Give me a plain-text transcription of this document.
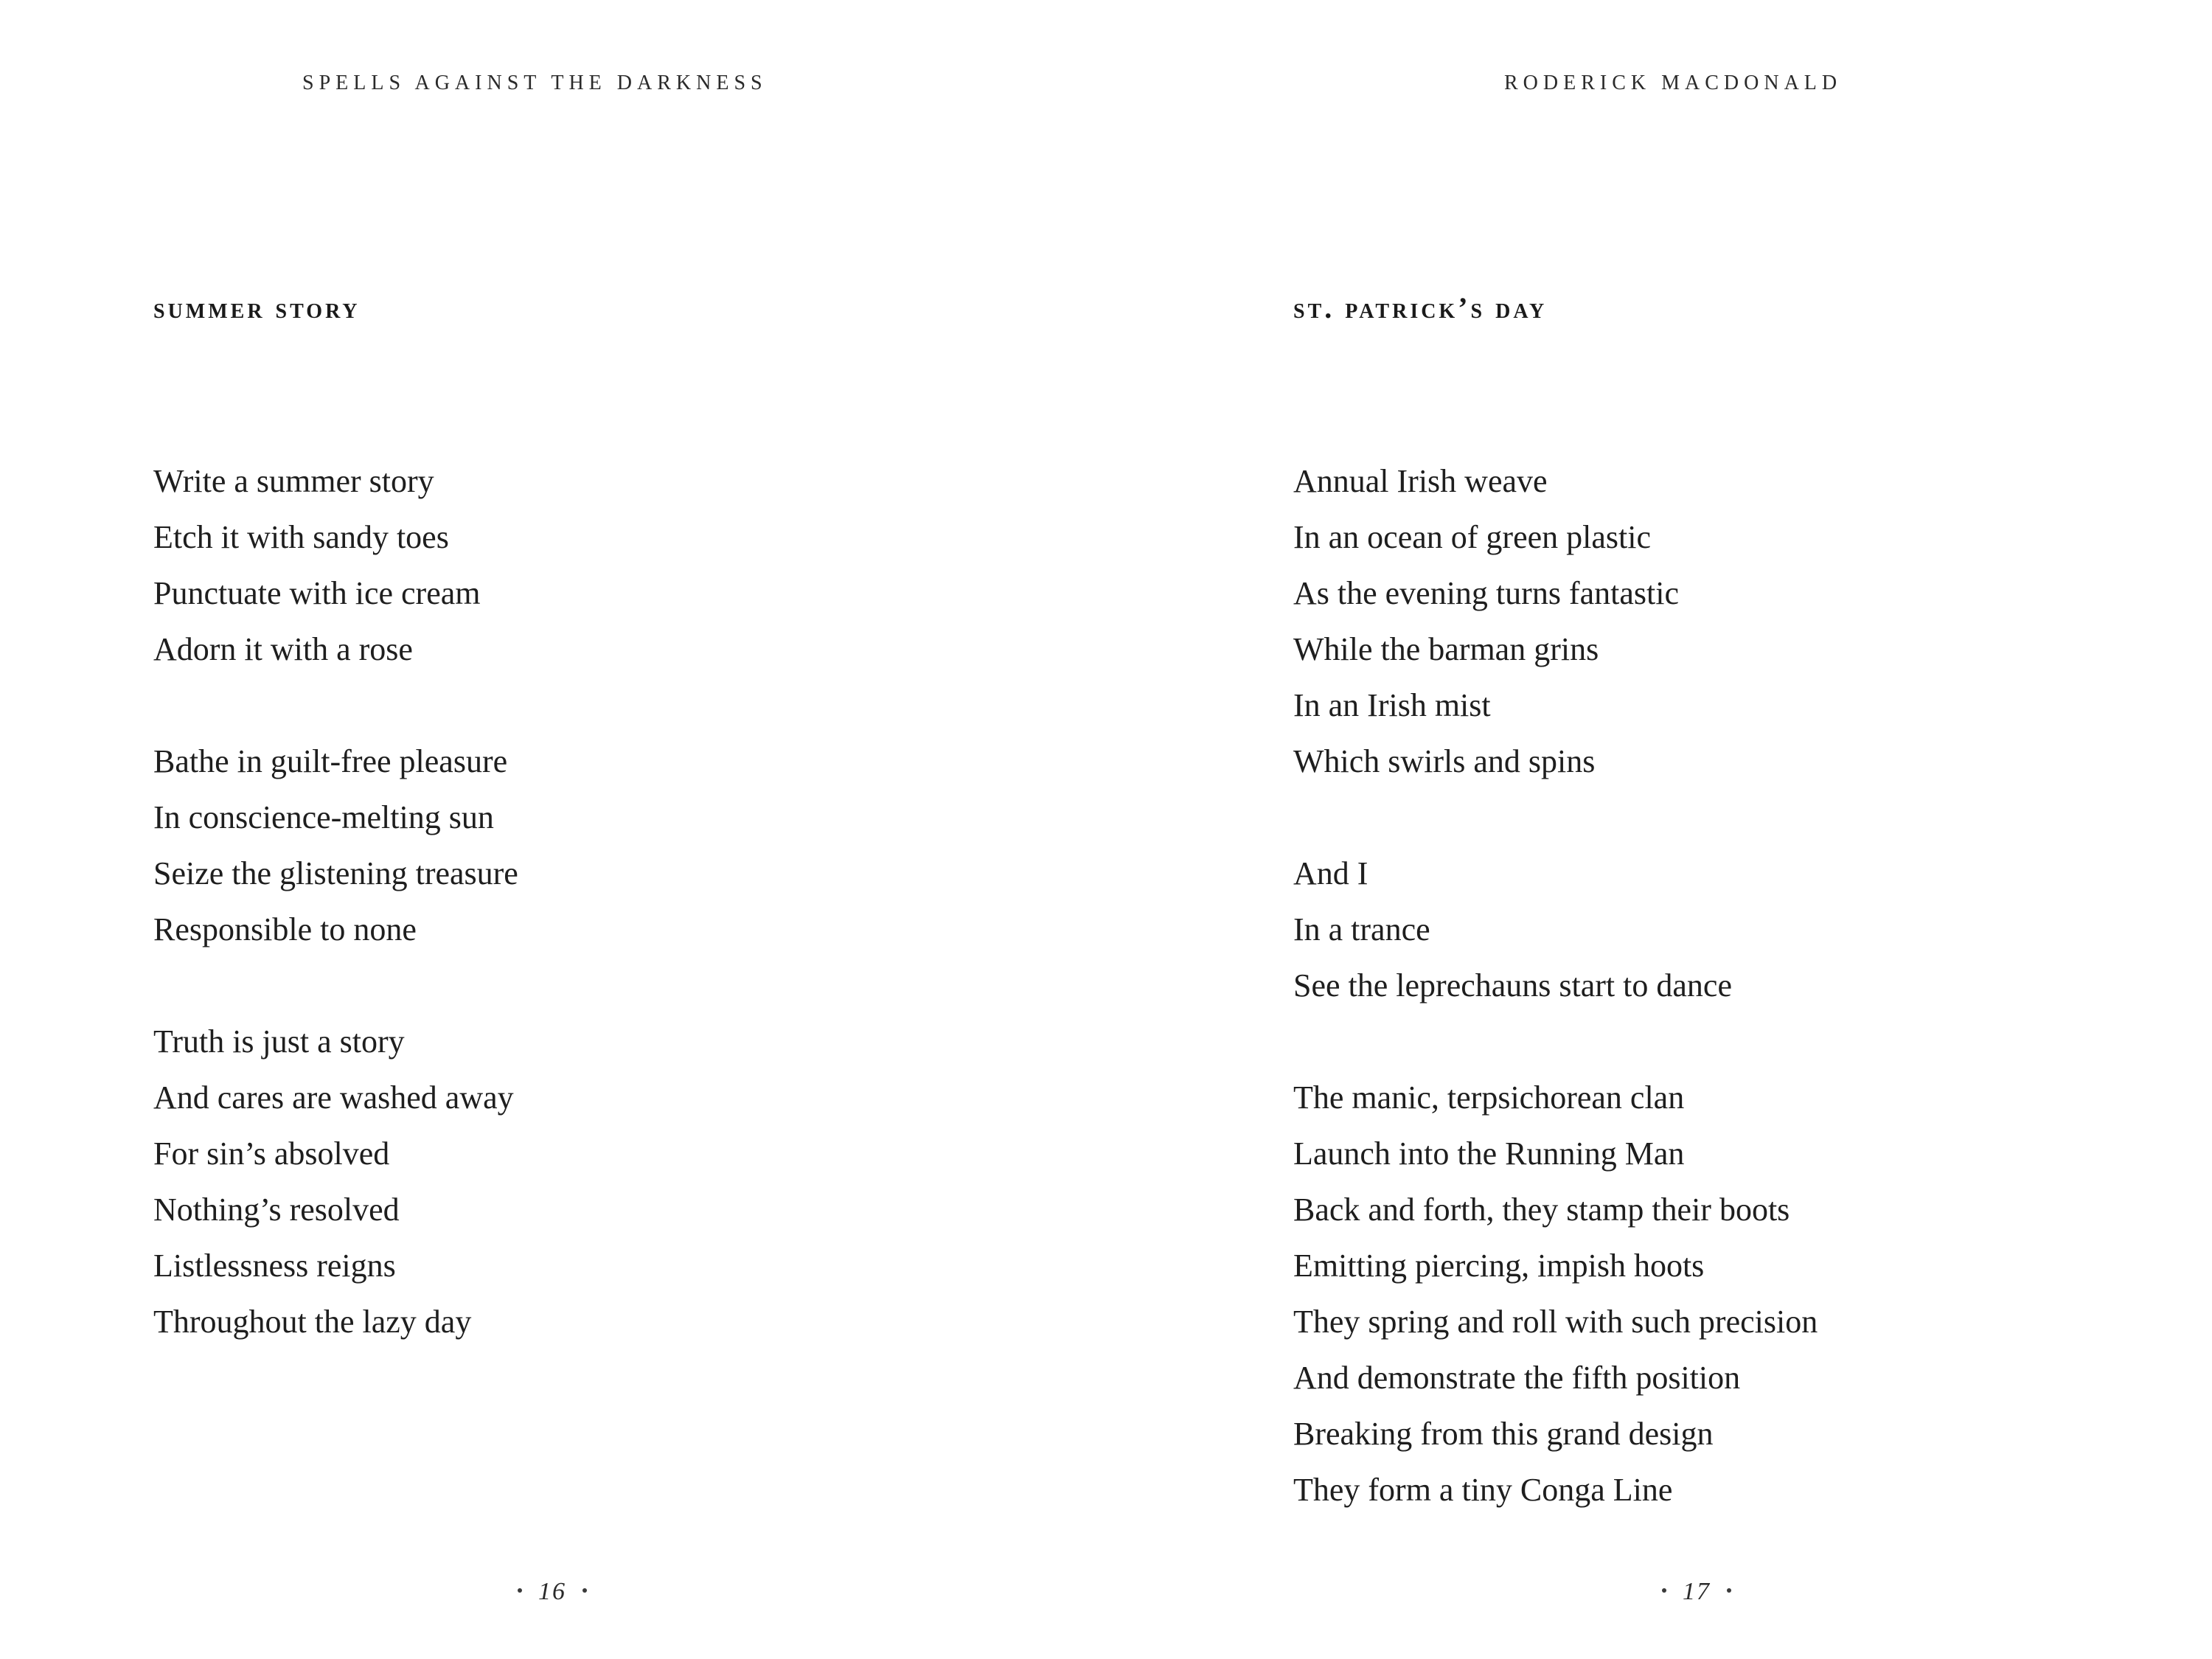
SPELLS AGAINST THE DARKNESS
summer story
Write a summer story
Etch it with sandy toes
Punctuate with ice cream
Adorn it with a rose
Bathe in guilt-free pleasure
In conscience-melting sun
Seize the glistening treasure
Responsible to none
Truth is just a story
And cares are washed away
For sin’s absolved
Nothing’s resolved
Listlessness reigns
Throughout the lazy day
16
RODERICK MACDONALD
st. patrick’s day
Annual Irish weave
In an ocean of green plastic
As the evening turns fantastic
While the barman grins
In an Irish mist
Which swirls and spins
And I
In a trance
See the leprechauns start to dance
The manic, terpsichorean clan
Launch into the Running Man
Back and forth, they stamp their boots
Emitting piercing, impish hoots
They spring and roll with such precision
And demonstrate the fifth position
Breaking from this grand design
They form a tiny Conga Line
17
